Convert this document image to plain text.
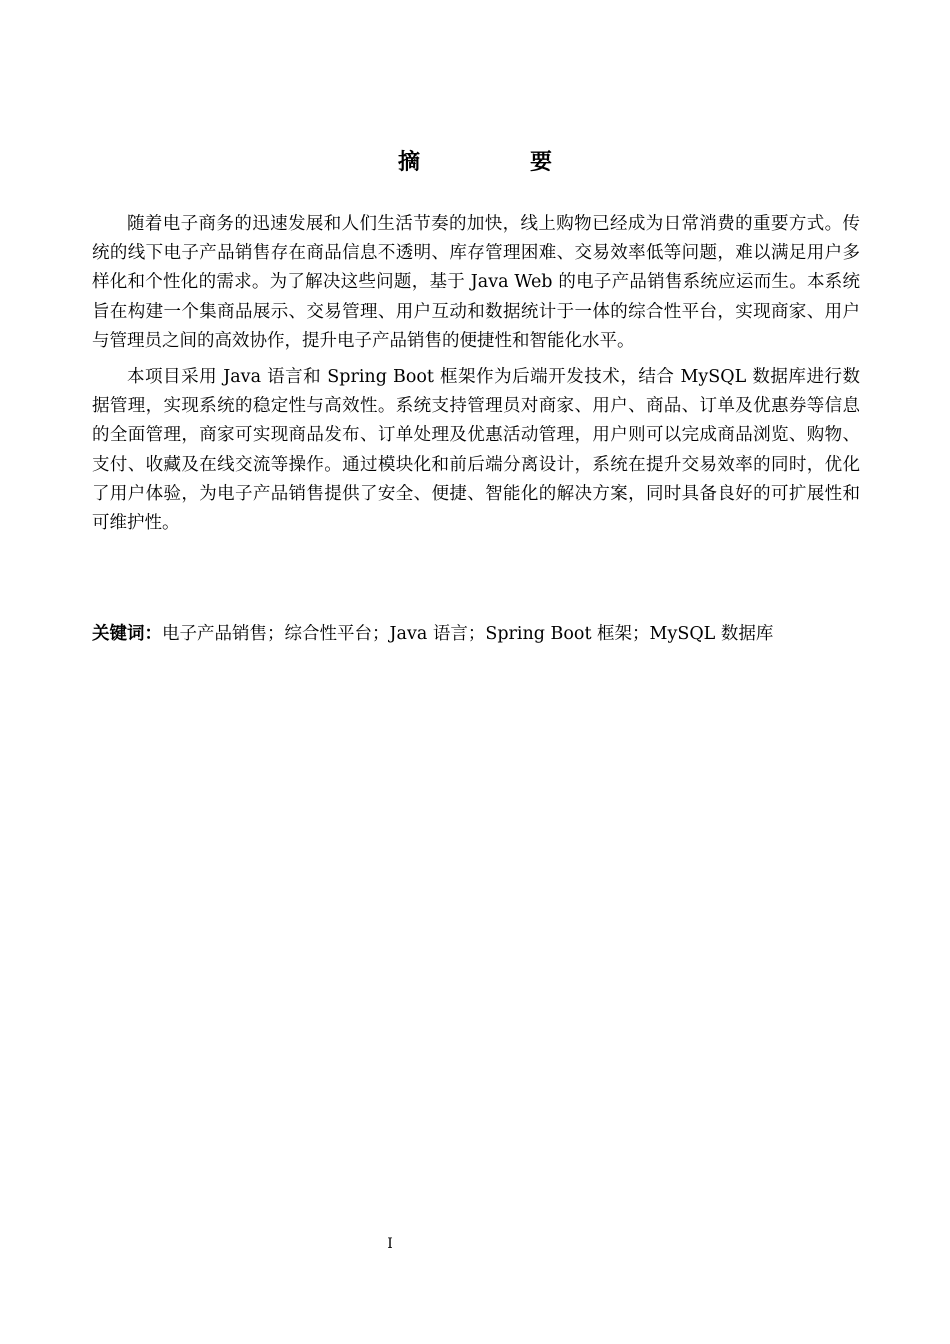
摘　要

随着电子商务的迅速发展和人们生活节奏的加快，线上购物已经成为日常消费的重要方式。传统的线下电子产品销售存在商品信息不透明、库存管理困难、交易效率低等问题，难以满足用户多样化和个性化的需求。为了解决这些问题，基于 Java Web 的电子产品销售系统应运而生。本系统旨在构建一个集商品展示、交易管理、用户互动和数据统计于一体的综合性平台，实现商家、用户与管理员之间的高效协作，提升电子产品销售的便捷性和智能化水平。

本项目采用 Java 语言和 Spring Boot 框架作为后端开发技术，结合 MySQL 数据库进行数据管理，实现系统的稳定性与高效性。系统支持管理员对商家、用户、商品、订单及优惠券等信息的全面管理，商家可实现商品发布、订单处理及优惠活动管理，用户则可以完成商品浏览、购物、支付、收藏及在线交流等操作。通过模块化和前后端分离设计，系统在提升交易效率的同时，优化了用户体验，为电子产品销售提供了安全、便捷、智能化的解决方案，同时具备良好的可扩展性和可维护性。

关键词：电子产品销售；综合性平台；Java 语言；Spring Boot 框架；MySQL 数据库
I
